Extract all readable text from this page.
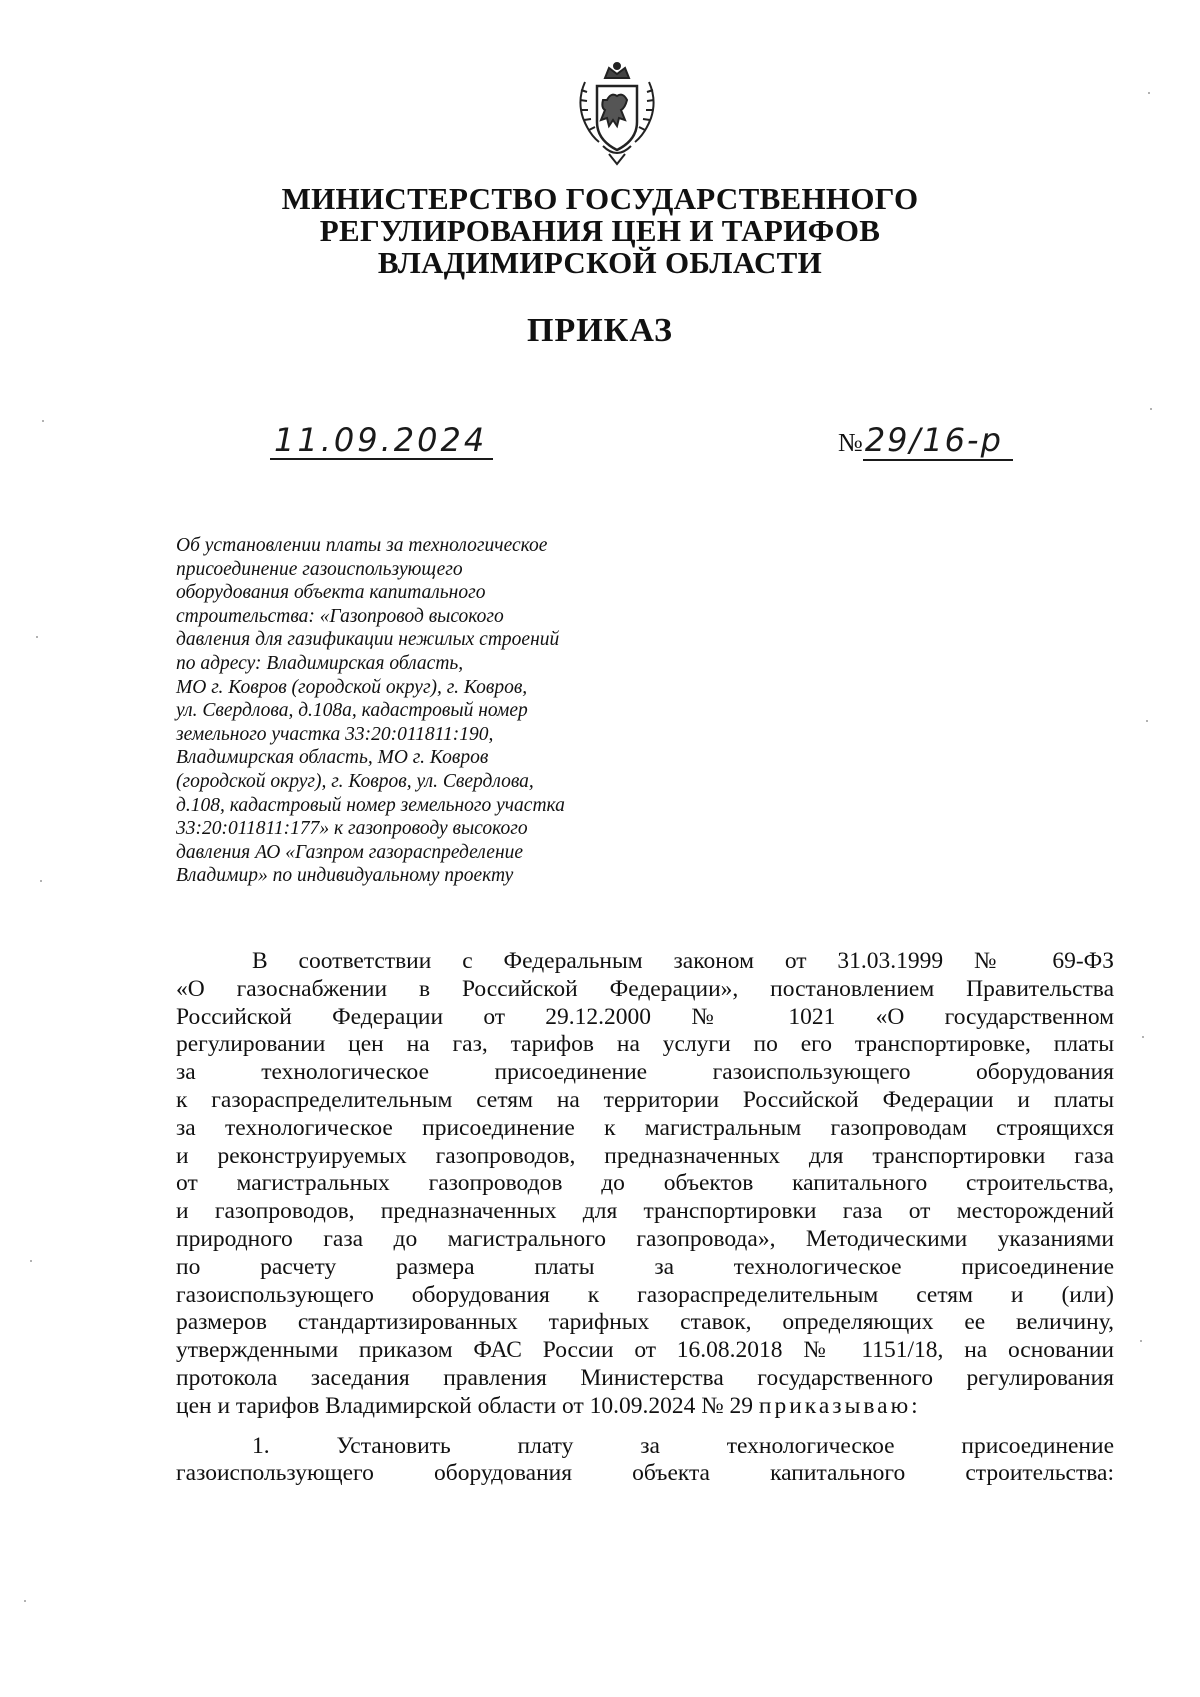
МИНИСТЕРСТВО ГОСУДАРСТВЕННОГО
РЕГУЛИРОВАНИЯ ЦЕН И ТАРИФОВ
ВЛАДИМИРСКОЙ ОБЛАСТИ
ПРИКАЗ
11.09.2024	№29/16-р
Об установлении платы за технологическое
присоединение газоиспользующего
оборудования объекта капитального
строительства: «Газопровод высокого
давления для газификации нежилых строений
по адресу: Владимирская область,
МО г. Ковров (городской округ), г. Ковров,
ул. Свердлова, д.108а, кадастровый номер
земельного участка 33:20:011811:190,
Владимирская область, МО г. Ковров
(городской округ), г. Ковров, ул. Свердлова,
д.108, кадастровый номер земельного участка
33:20:011811:177» к газопроводу высокого
давления АО «Газпром газораспределение
Владимир» по индивидуальному проекту
В соответствии с Федеральным законом от 31.03.1999 № 69-ФЗ
«О газоснабжении в Российской Федерации», постановлением Правительства
Российской Федерации от 29.12.2000 № 1021 «О государственном
регулировании цен на газ, тарифов на услуги по его транспортировке, платы
за технологическое присоединение газоиспользующего оборудования
к газораспределительным сетям на территории Российской Федерации и платы
за технологическое присоединение к магистральным газопроводам строящихся
и реконструируемых газопроводов, предназначенных для транспортировки газа
от магистральных газопроводов до объектов капитального строительства,
и газопроводов, предназначенных для транспортировки газа от месторождений
природного газа до магистрального газопровода», Методическими указаниями
по расчету размера платы за технологическое присоединение
газоиспользующего оборудования к газораспределительным сетям и (или)
размеров стандартизированных тарифных ставок, определяющих ее величину,
утвержденными приказом ФАС России от 16.08.2018 № 1151/18, на основании
протокола заседания правления Министерства государственного регулирования
цен и тарифов Владимирской области от 10.09.2024 № 29 приказываю:
1. Установить плату за технологическое присоединение
газоиспользующего оборудования объекта капитального строительства:
